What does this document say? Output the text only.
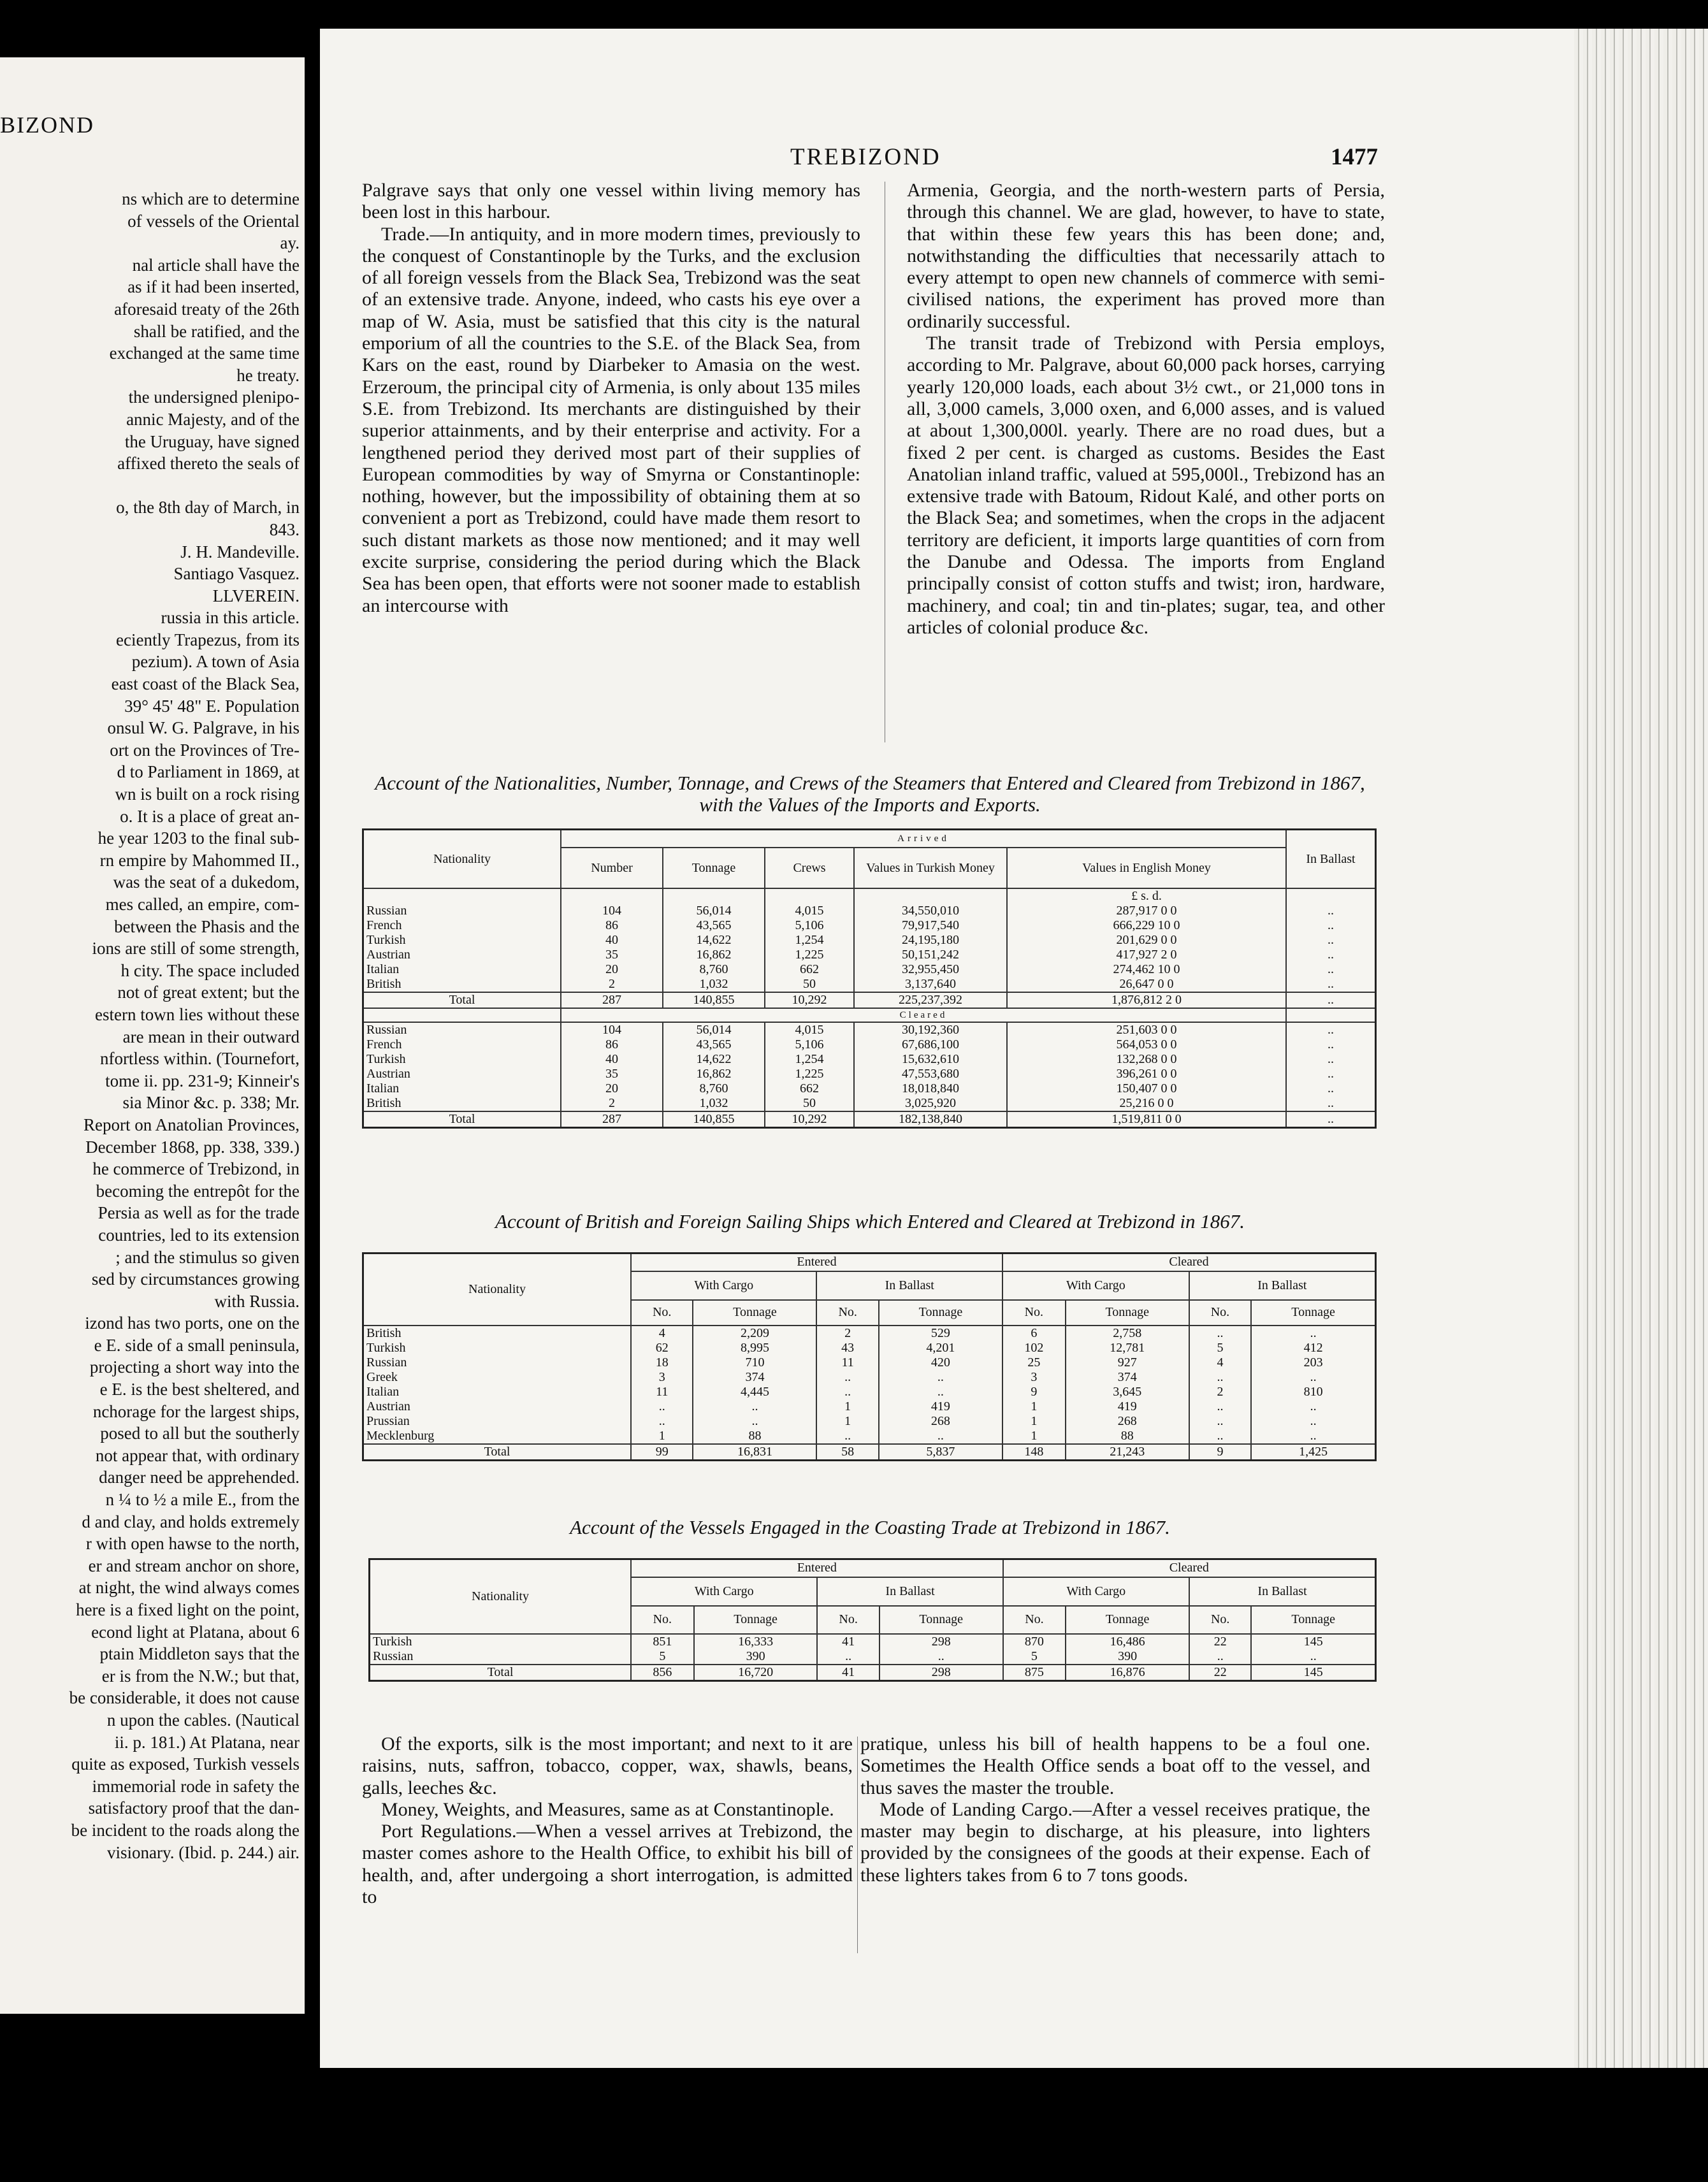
BIZOND
ns which are to determine
of vessels of the Oriental
ay.
nal article shall have the
as if it had been inserted,
aforesaid treaty of the 26th
shall be ratified, and the
exchanged at the same time
he treaty.
the undersigned plenipo-
annic Majesty, and of the
the Uruguay, have signed
affixed thereto the seals of
o, the 8th day of March, in
843.
J. H. Mandeville.
Santiago Vasquez.
LLVEREIN.
russia in this article.
eciently Trapezus, from its
pezium). A town of Asia
east coast of the Black Sea,
39° 45' 48" E. Population
onsul W. G. Palgrave, in his
ort on the Provinces of Tre-
d to Parliament in 1869, at
wn is built on a rock rising
o. It is a place of great an-
he year 1203 to the final sub-
rn empire by Mahommed II.,
was the seat of a dukedom,
mes called, an empire, com-
between the Phasis and the
ions are still of some strength,
h city. The space included
not of great extent; but the
estern town lies without these
are mean in their outward
nfortless within. (Tournefort,
tome ii. pp. 231-9; Kinneir's
sia Minor &c. p. 338; Mr.
Report on Anatolian Provinces,
December 1868, pp. 338, 339.)
he commerce of Trebizond, in
becoming the entrepôt for the
Persia as well as for the trade
countries, led to its extension
; and the stimulus so given
sed by circumstances growing
with Russia.
izond has two ports, one on the
e E. side of a small peninsula,
projecting a short way into the
e E. is the best sheltered, and
nchorage for the largest ships,
posed to all but the southerly
not appear that, with ordinary
danger need be apprehended.
n ¼ to ½ a mile E., from the
d and clay, and holds extremely
r with open hawse to the north,
er and stream anchor on shore,
at night, the wind always comes
here is a fixed light on the point,
econd light at Platana, about 6
ptain Middleton says that the
er is from the N.W.; but that,
be considerable, it does not cause
n upon the cables. (Nautical
ii. p. 181.) At Platana, near
quite as exposed, Turkish vessels
immemorial rode in safety the
satisfactory proof that the dan-
be incident to the roads along the
visionary. (Ibid. p. 244.) air.
TREBIZOND	1477

Palgrave says that only one vessel within living memory has been lost in this harbour.

Trade.—In antiquity, and in more modern times, previously to the conquest of Constantinople by the Turks, and the exclusion of all foreign vessels from the Black Sea, Trebizond was the seat of an extensive trade. Anyone, indeed, who casts his eye over a map of W. Asia, must be satisfied that this city is the natural emporium of all the countries to the S.E. of the Black Sea, from Kars on the east, round by Diarbeker to Amasia on the west. Erzeroum, the principal city of Armenia, is only about 135 miles S.E. from Trebizond. Its merchants are distinguished by their superior attainments, and by their enterprise and activity. For a lengthened period they derived most part of their supplies of European commodities by way of Smyrna or Constantinople: nothing, however, but the impossibility of obtaining them at so convenient a port as Trebizond, could have made them resort to such distant markets as those now mentioned; and it may well excite surprise, considering the period during which the Black Sea has been open, that efforts were not sooner made to establish an intercourse with

Armenia, Georgia, and the north-western parts of Persia, through this channel. We are glad, however, to have to state, that within these few years this has been done; and, notwithstanding the difficulties that necessarily attach to every attempt to open new channels of commerce with semi-civilised nations, the experiment has proved more than ordinarily successful.

The transit trade of Trebizond with Persia employs, according to Mr. Palgrave, about 60,000 pack horses, carrying yearly 120,000 loads, each about 3½ cwt., or 21,000 tons in all, 3,000 camels, 3,000 oxen, and 6,000 asses, and is valued at about 1,300,000l. yearly. There are no road dues, but a fixed 2 per cent. is charged as customs. Besides the East Anatolian inland traffic, valued at 595,000l., Trebizond has an extensive trade with Batoum, Ridout Kalé, and other ports on the Black Sea; and sometimes, when the crops in the adjacent territory are deficient, it imports large quantities of corn from the Danube and Odessa. The imports from England principally consist of cotton stuffs and twist; iron, hardware, machinery, and coal; tin and tin-plates; sugar, tea, and other articles of colonial produce &c.

Account of the Nationalities, Number, Tonnage, and Crews of the Steamers that Entered and Cleared from Trebizond in 1867, with the Values of the Imports and Exports.
Nationality	Arrived					In Ballast
	Number	Tonnage	Crews	Values in Turkish Money	Values in English Money	
					£ s. d.	
Russian	104	56,014	4,015	34,550,010	287,917 0 0	..
French	86	43,565	5,106	79,917,540	666,229 10 0	..
Turkish	40	14,622	1,254	24,195,180	201,629 0 0	..
Austrian	35	16,862	1,225	50,151,242	417,927 2 0	..
Italian	20	8,760	662	32,955,450	274,462 10 0	..
British	2	1,032	50	3,137,640	26,647 0 0	..
Total	287	140,855	10,292	225,237,392	1,876,812 2 0	..
	Cleared					
Russian	104	56,014	4,015	30,192,360	251,603 0 0	..
French	86	43,565	5,106	67,686,100	564,053 0 0	..
Turkish	40	14,622	1,254	15,632,610	132,268 0 0	..
Austrian	35	16,862	1,225	47,553,680	396,261 0 0	..
Italian	20	8,760	662	18,018,840	150,407 0 0	..
British	2	1,032	50	3,025,920	25,216 0 0	..
Total	287	140,855	10,292	182,138,840	1,519,811 0 0	..
Account of British and Foreign Sailing Ships which Entered and Cleared at Trebizond in 1867.
Nationality	Entered				Cleared			
	With Cargo		In Ballast		With Cargo		In Ballast	
	No.	Tonnage	No.	Tonnage	No.	Tonnage	No.	Tonnage
British	4	2,209	2	529	6	2,758	..	..
Turkish	62	8,995	43	4,201	102	12,781	5	412
Russian	18	710	11	420	25	927	4	203
Greek	3	374	..	..	3	374	..	..
Italian	11	4,445	..	..	9	3,645	2	810
Austrian	..	..	1	419	1	419	..	..
Prussian	..	..	1	268	1	268	..	..
Mecklenburg	1	88	..	..	1	88	..	..
Total	99	16,831	58	5,837	148	21,243	9	1,425
Account of the Vessels Engaged in the Coasting Trade at Trebizond in 1867.
Nationality	Entered				Cleared			
	With Cargo		In Ballast		With Cargo		In Ballast	
	No.	Tonnage	No.	Tonnage	No.	Tonnage	No.	Tonnage
Turkish	851	16,333	41	298	870	16,486	22	145
Russian	5	390	..	..	5	390	..	..
Total	856	16,720	41	298	875	16,876	22	145

Of the exports, silk is the most important; and next to it are raisins, nuts, saffron, tobacco, copper, wax, shawls, beans, galls, leeches &c.

Money, Weights, and Measures, same as at Constantinople.

Port Regulations.—When a vessel arrives at Trebizond, the master comes ashore to the Health Office, to exhibit his bill of health, and, after undergoing a short interrogation, is admitted to

pratique, unless his bill of health happens to be a foul one. Sometimes the Health Office sends a boat off to the vessel, and thus saves the master the trouble.

Mode of Landing Cargo.—After a vessel receives pratique, the master may begin to discharge, at his pleasure, into lighters provided by the consignees of the goods at their expense. Each of these lighters takes from 6 to 7 tons goods.
